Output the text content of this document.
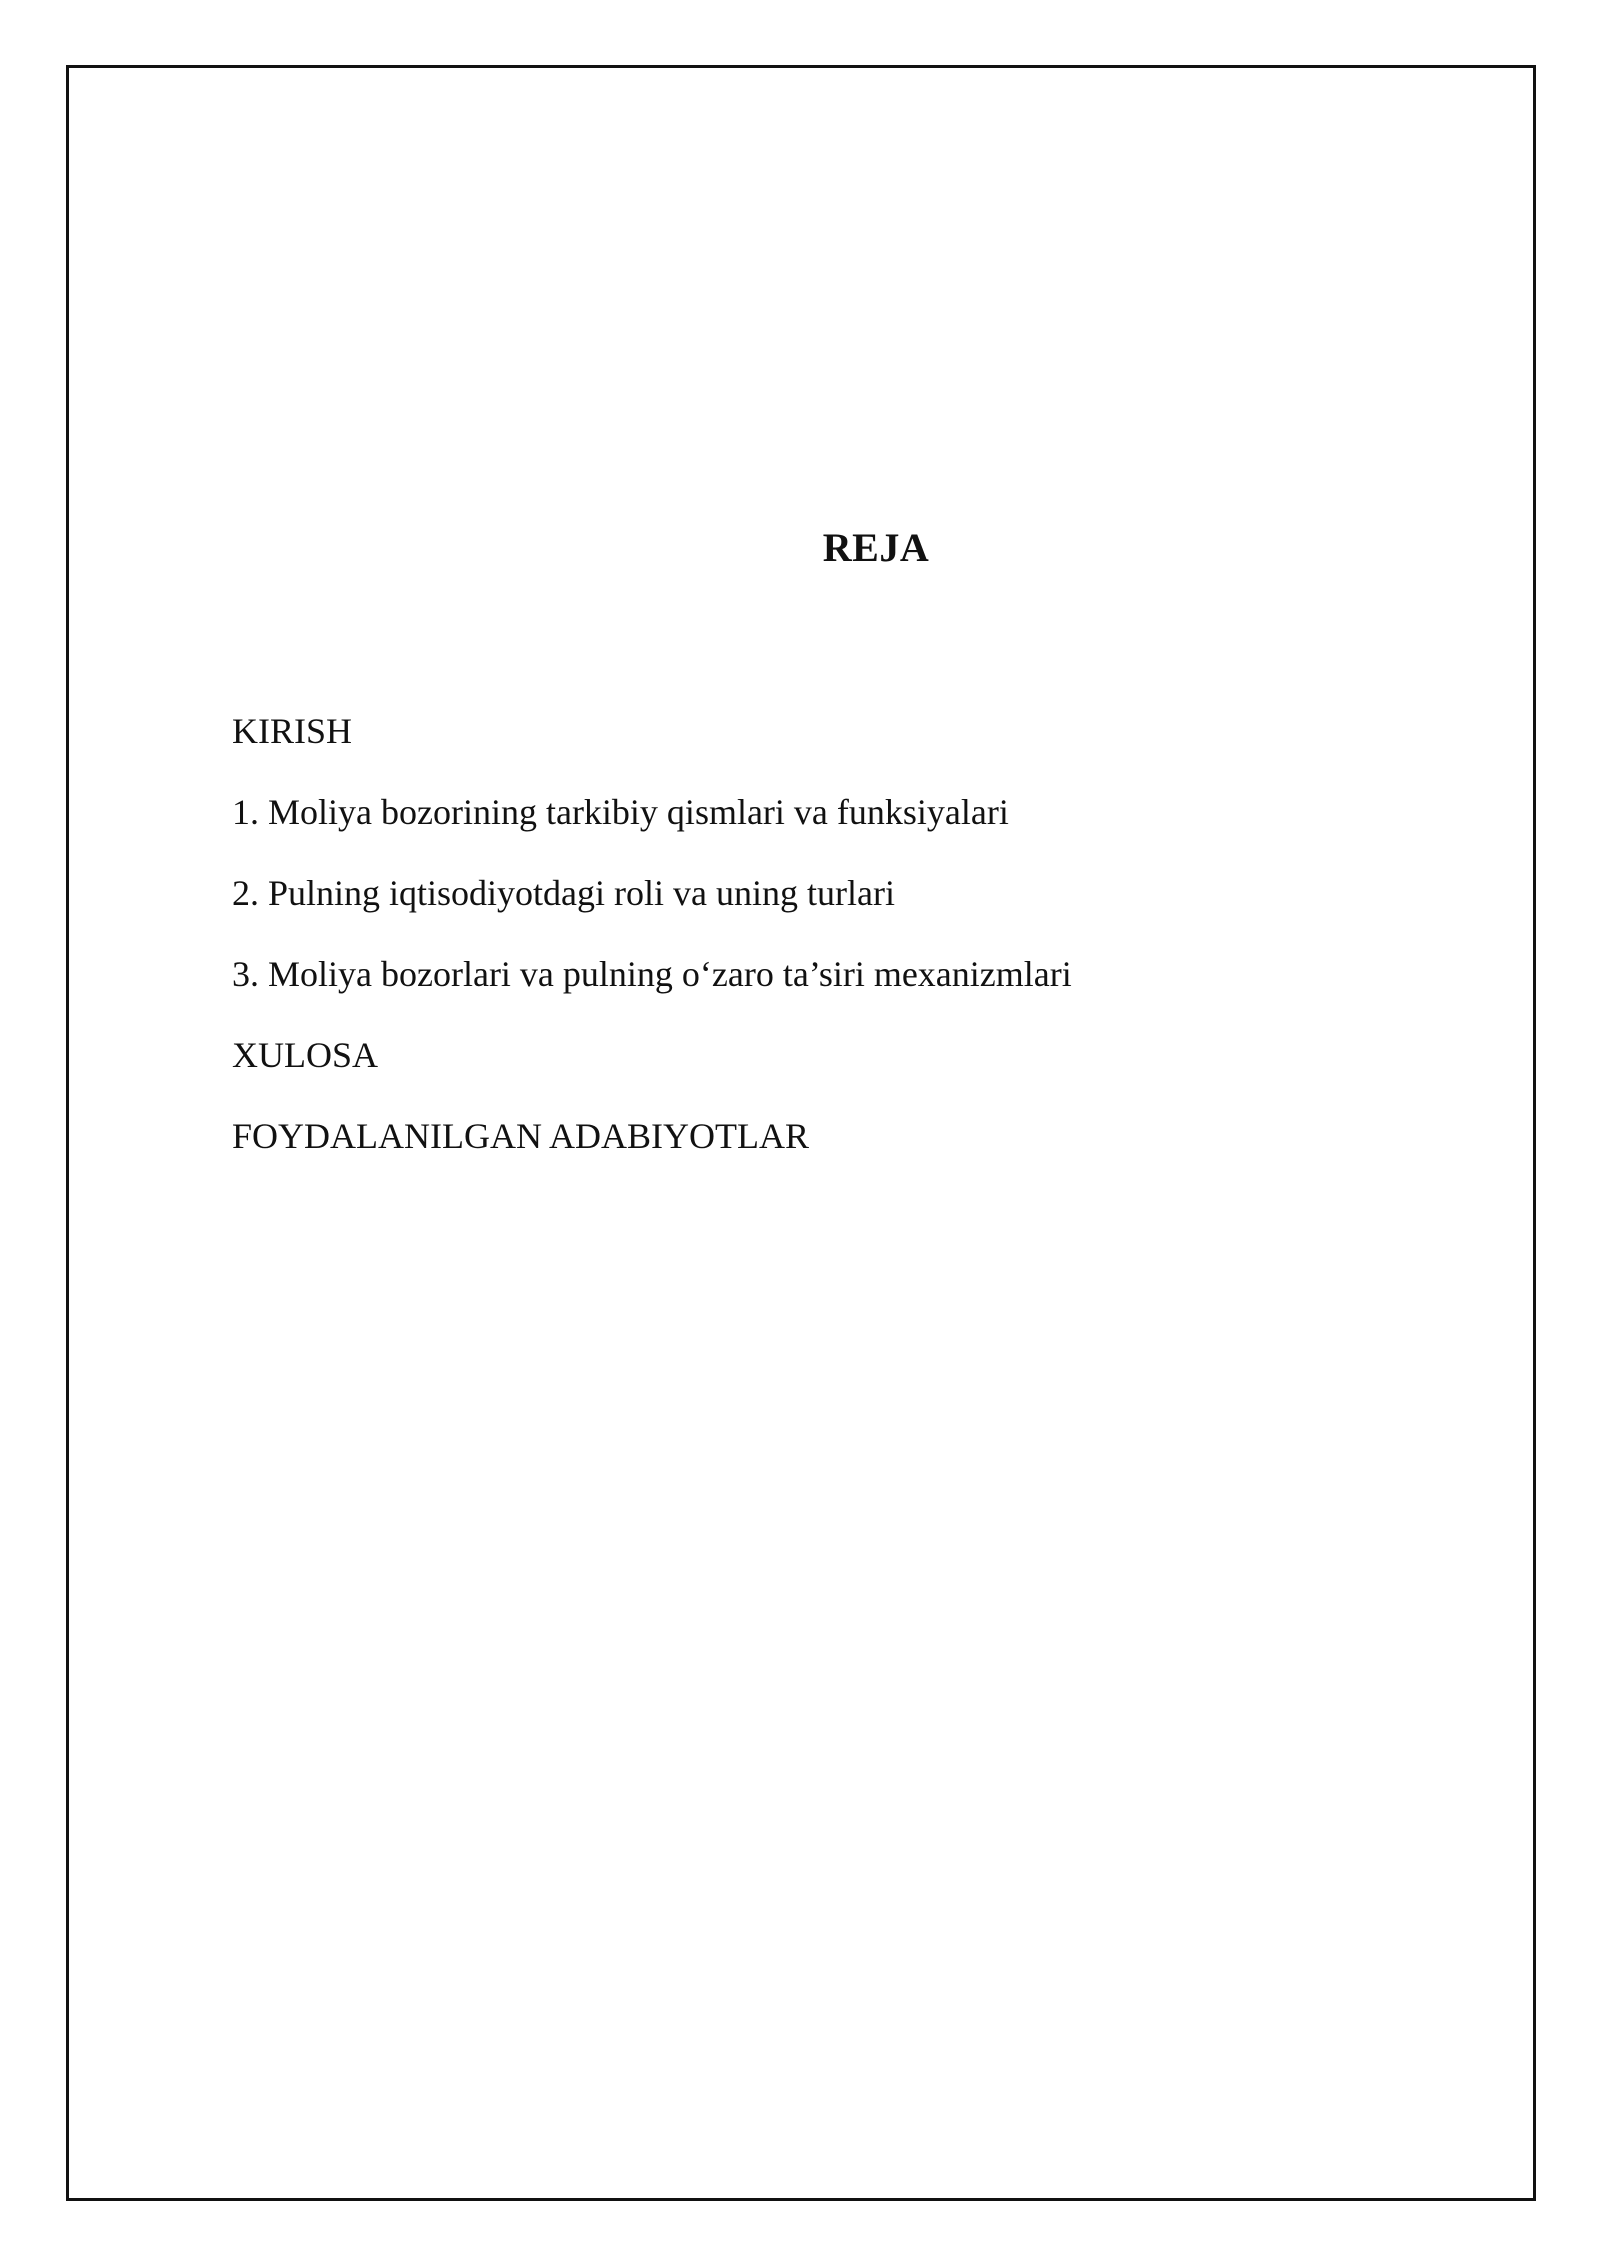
REJA
KIRISH
1. Moliya bozorining tarkibiy qismlari va funksiyalari
2. Pulning iqtisodiyotdagi roli va uning turlari
3. Moliya bozorlari va pulning o‘zaro ta’siri mexanizmlari
XULOSA
FOYDALANILGAN ADABIYOTLAR
